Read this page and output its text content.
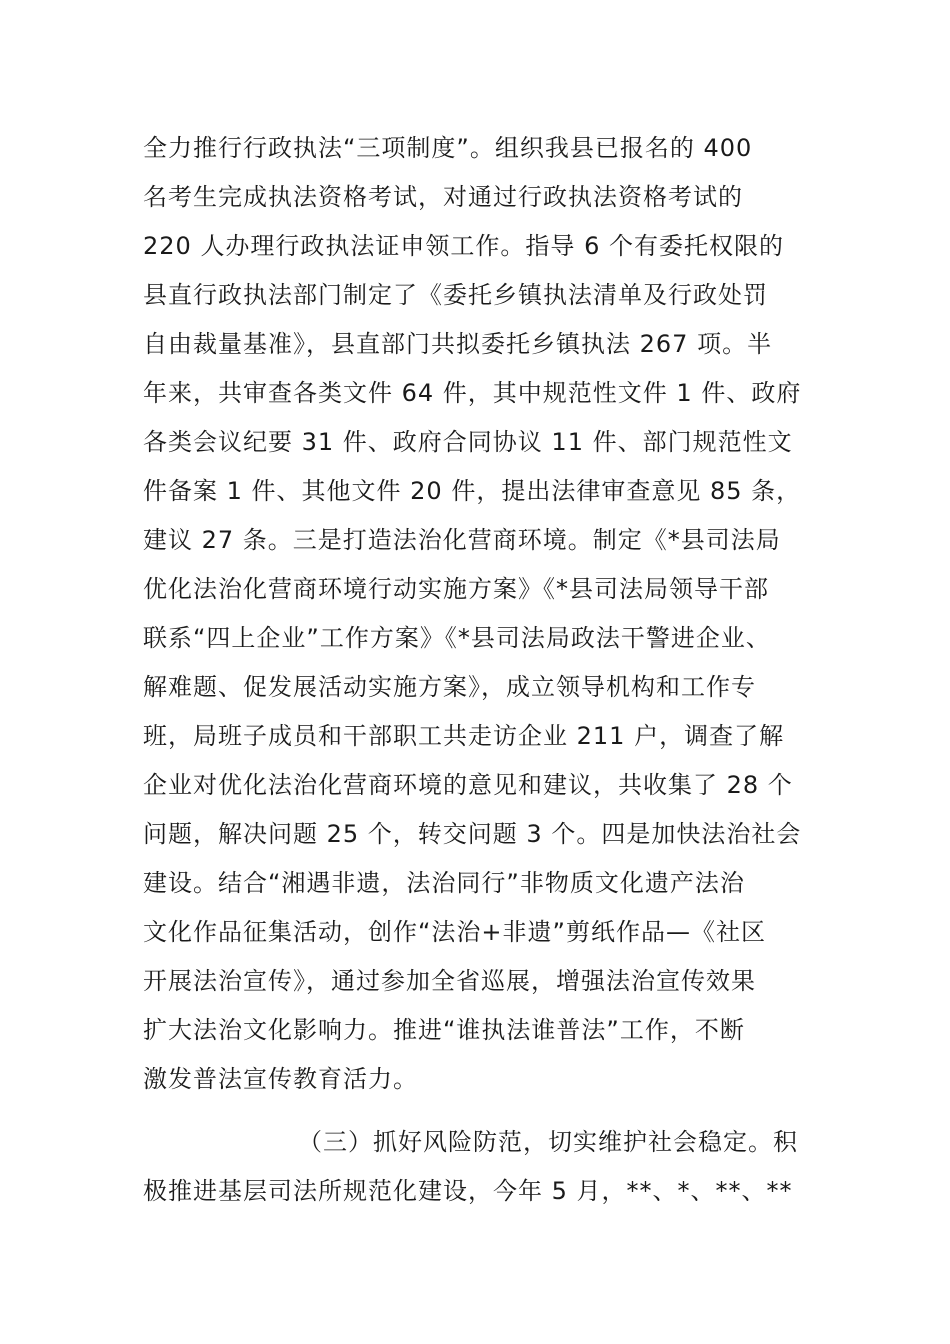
全力推行行政执法“三项制度”。组织我县已报名的 400
名考生完成执法资格考试，对通过行政执法资格考试的
220 人办理行政执法证申领工作。指导 6 个有委托权限的
县直行政执法部门制定了《委托乡镇执法清单及行政处罚
自由裁量基准》，县直部门共拟委托乡镇执法 267 项。半
年来，共审查各类文件 64 件，其中规范性文件 1 件、政府
各类会议纪要 31 件、政府合同协议 11 件、部门规范性文
件备案 1 件、其他文件 20 件，提出法律审查意见 85 条，
建议 27 条。三是打造法治化营商环境。制定《*县司法局
优化法治化营商环境行动实施方案》《*县司法局领导干部
联系“四上企业”工作方案》《*县司法局政法干警进企业、
解难题、促发展活动实施方案》，成立领导机构和工作专
班，局班子成员和干部职工共走访企业 211 户，调查了解
企业对优化法治化营商环境的意见和建议，共收集了 28 个
问题，解决问题 25 个，转交问题 3 个。四是加快法治社会
建设。结合“湘遇非遗，法治同行”非物质文化遗产法治
文化作品征集活动，创作“法治+非遗”剪纸作品—《社区
开展法治宣传》，通过参加全省巡展，增强法治宣传效果
扩大法治文化影响力。推进“谁执法谁普法”工作，不断
激发普法宣传教育活力。
（三）抓好风险防范，切实维护社会稳定。积
极推进基层司法所规范化建设，今年 5 月，**、*、**、**
